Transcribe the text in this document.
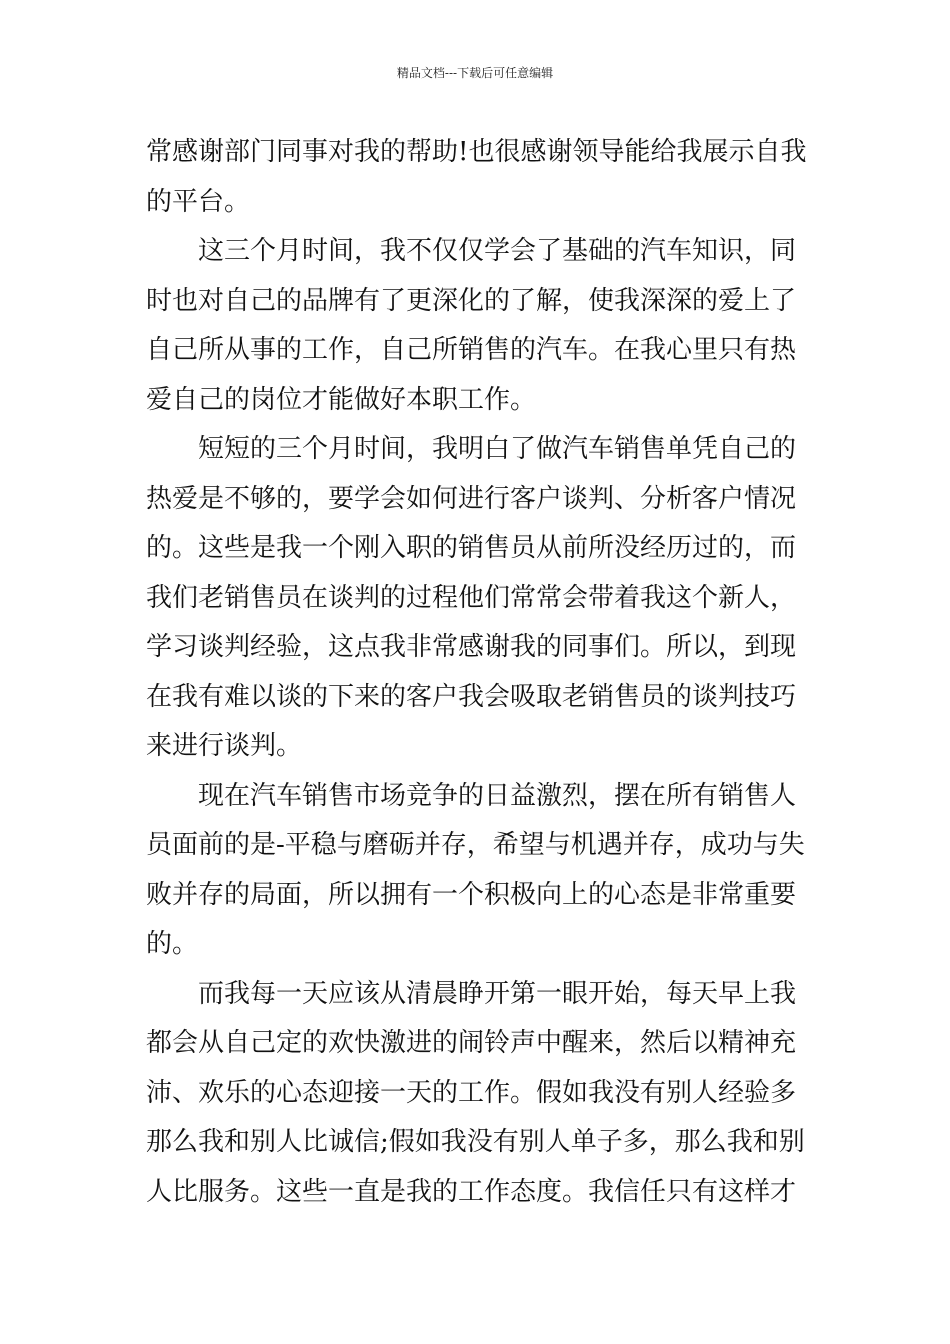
精品文档---下载后可任意编辑
常感谢部门同事对我的帮助!也很感谢领导能给我展示自我
的平台。
这三个月时间，我不仅仅学会了基础的汽车知识，同
时也对自己的品牌有了更深化的了解，使我深深的爱上了
自己所从事的工作，自己所销售的汽车。在我心里只有热
爱自己的岗位才能做好本职工作。
短短的三个月时间，我明白了做汽车销售单凭自己的
热爱是不够的，要学会如何进行客户谈判、分析客户情况
的。这些是我一个刚入职的销售员从前所没经历过的，而
我们老销售员在谈判的过程他们常常会带着我这个新人，
学习谈判经验，这点我非常感谢我的同事们。所以，到现
在我有难以谈的下来的客户我会吸取老销售员的谈判技巧
来进行谈判。
现在汽车销售市场竞争的日益激烈，摆在所有销售人
员面前的是-平稳与磨砺并存，希望与机遇并存，成功与失
败并存的局面，所以拥有一个积极向上的心态是非常重要
的。
而我每一天应该从清晨睁开第一眼开始，每天早上我
都会从自己定的欢快激进的闹铃声中醒来，然后以精神充
沛、欢乐的心态迎接一天的工作。假如我没有别人经验多
那么我和别人比诚信;假如我没有别人单子多，那么我和别
人比服务。这些一直是我的工作态度。我信任只有这样才
